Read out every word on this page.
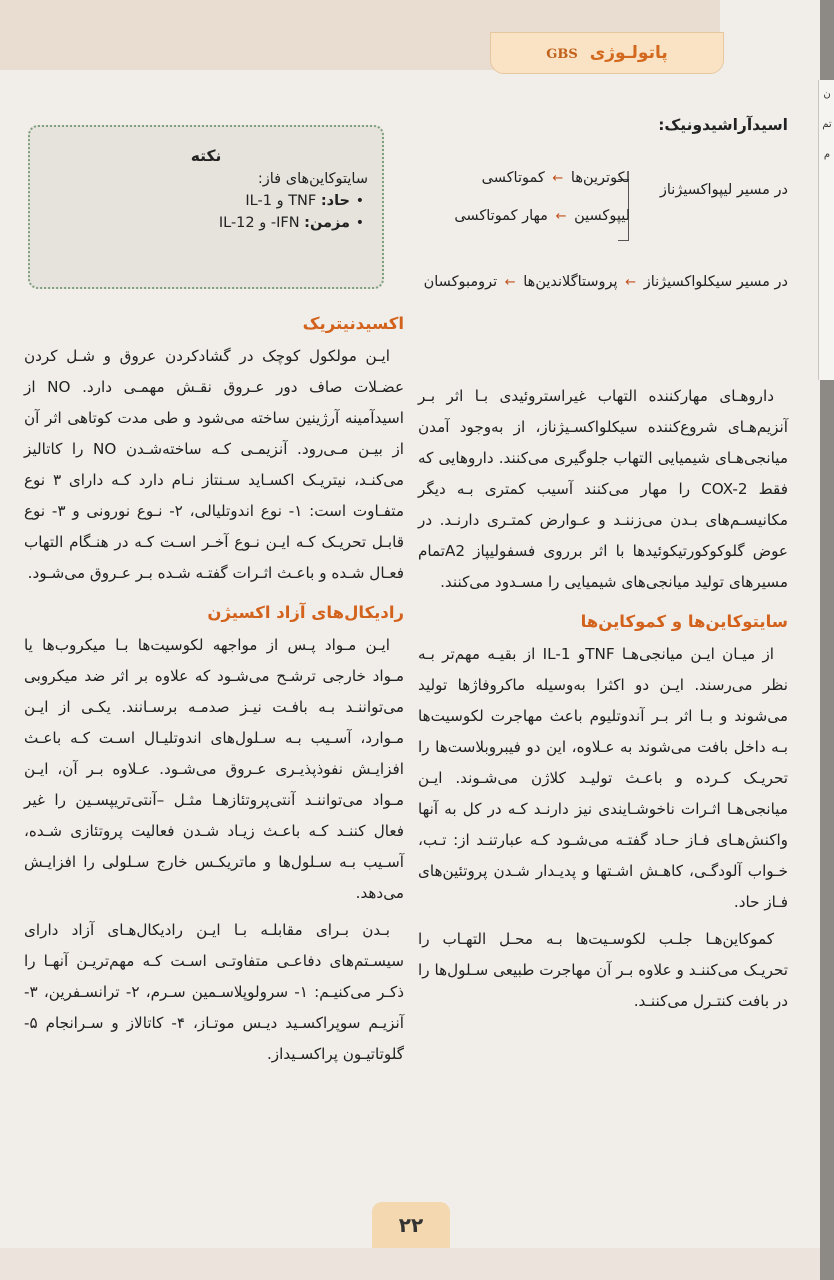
پاتولـوژی GBS
اسیدآراشیدونیک:
در مسیر لیپواکسیژناز
لکوترین‌ها ← کموتاکسی
لیپوکسین ← مهار کموتاکسی
در مسیر سیکلواکسیژناز ← پروستاگلاندین‌ها ← ترومبوکسان

داروهـای مهارکننده التهاب غیراستروئیدی بـا اثر بـر آنزیم‌هـای شروع‌کننده سیکلواکسـیژناز، از به‌وجود آمدن میانجی‌هـای شیمیایی التهاب جلوگیری می‌کنند. داروهایی که فقط COX-2 را مهار می‌کنند آسیب کمتری بـه دیگر مکانیسـم‌های بـدن می‌زننـد و عـوارض کمتـری دارنـد. در عوض گلوکوکورتیکوئیدها با اثر برروی فسفولیپاز A2تمام مسیرهای تولید میانجی‌های شیمیایی را مسـدود می‌کنند.

سایتوکاین‌ها و کموکاین‌ها

از میـان ایـن میانجی‌هـا TNFو IL-1 از بقیـه مهم‌تر بـه نظر می‌رسند. ایـن دو اکثرا به‌وسیله ماکروفاژها تولید می‌شوند و بـا اثر بـر آندوتلیوم باعث مهاجرت لکوسیت‌ها بـه داخل بافت می‌شوند به عـلاوه، این دو فیبروبلاست‌ها را تحریـک کـرده و باعـث تولیـد کلاژن می‌شـوند. ایـن میانجی‌هـا اثـرات ناخوشـایندی نیز دارنـد کـه در کل به آنها واکنش‌هـای فـاز حـاد گفتـه می‌شـود کـه عبارتنـد از: تـب، خـواب آلودگـی، کاهـش اشـتها و پدیـدار شـدن پروتئین‌های فـاز حاد.

کموکاین‌هـا جلـب لکوسـیت‌ها بـه محـل التهـاب را تحریـک می‌کننـد و علاوه بـر آن مهاجرت طبیعی سـلول‌ها را در بافت کنتـرل می‌کننـد.

نکته
سایتوکاین‌های فاز:
• حاد: TNF و IL-1
• مزمن: IFN- و IL-12
اکسیدنیتریک

ایـن مولکول کوچک در گشادکردن عروق و شـل کردن عضـلات صاف دور عـروق نقـش مهمـی دارد. NO از اسیدآمینه آرژینین ساخته می‌شود و طی مدت کوتاهی اثر آن از بیـن مـی‌رود. آنزیمـی کـه ساخته‌شـدن NO را کاتالیز می‌کنـد، نیتریـک اکسـاید سـنتاز نـام دارد کـه دارای ۳ نوع متفـاوت است: ۱- نوع اندوتلیالی، ۲- نـوع نورونی و ۳- نوع قابـل تحریـک کـه ایـن نـوع آخـر اسـت کـه در هنـگام التهاب فعـال شـده و باعـث اثـرات گفتـه شـده بـر عـروق می‌شـود.

رادیکال‌های آزاد اکسیژن

ایـن مـواد پـس از مواجهه لکوسیت‌ها بـا میکروب‌ها یا مـواد خارجی ترشـح می‌شـود که علاوه بر اثر ضد میکروبی می‌تواننـد بـه بافـت نیـز صدمـه برسـانند. یکـی از ایـن مـوارد، آسـیب بـه سـلول‌های اندوتلیـال اسـت کـه باعـث افزایـش نفوذپذیـری عـروق می‌شـود. عـلاوه بـر آن، ایـن مـواد می‌تواننـد آنتی‌پروتئازهـا مثـل –آنتی‌تریپسـین را غیر فعال کننـد کـه باعـث زیـاد شـدن فعالیت پروتئازی شـده، آسـیب بـه سـلول‌ها و ماتریکـس خارج سـلولی را افزایـش می‌دهد.

بـدن بـرای مقابلـه بـا ایـن رادیکال‌هـای آزاد دارای سیسـتم‌های دفاعـی متفاوتـی اسـت کـه مهم‌تریـن آنهـا را ذکـر می‌کنیـم: ۱- سرولوپلاسـمین سـرم، ۲- ترانسـفرین، ۳- آنزیـم سوپراکسـید دیـس موتـاز، ۴- کاتالاز و سـرانجام ۵- گلوتاتیـون پراکسـیداز.

۲۲
ن
تم
م
